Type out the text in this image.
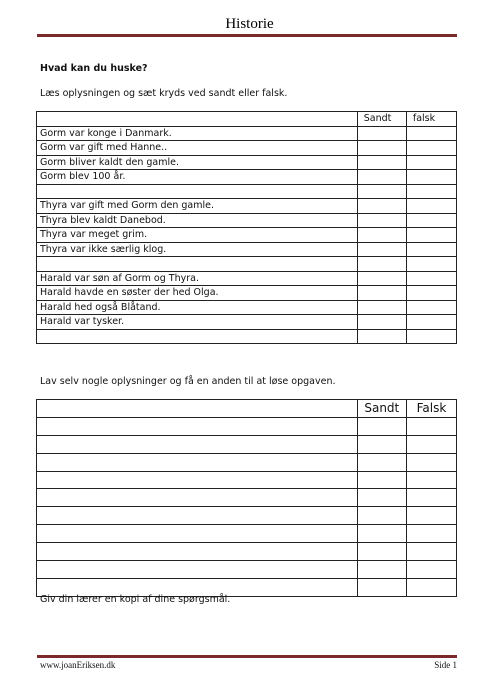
Historie
Hvad kan du huske?
Læs oplysningen og sæt kryds ved sandt eller falsk.
	Sandt	falsk
Gorm var konge i Danmark.		
Gorm var gift med Hanne..		
Gorm bliver kaldt den gamle.		
Gorm blev 100 år.		

Thyra var gift med Gorm den gamle.		
Thyra blev kaldt Danebod.		
Thyra var meget grim.		
Thyra var ikke særlig klog.		

Harald var søn af Gorm og Thyra.		
Harald havde en søster der hed Olga.		
Harald hed også Blåtand.		
Harald var tysker.		

Lav selv nogle oplysninger og få en anden til at løse opgaven.
	Sandt	Falsk

Giv din lærer en kopi af dine spørgsmål.
www.joanEriksen.dk	Side 1
